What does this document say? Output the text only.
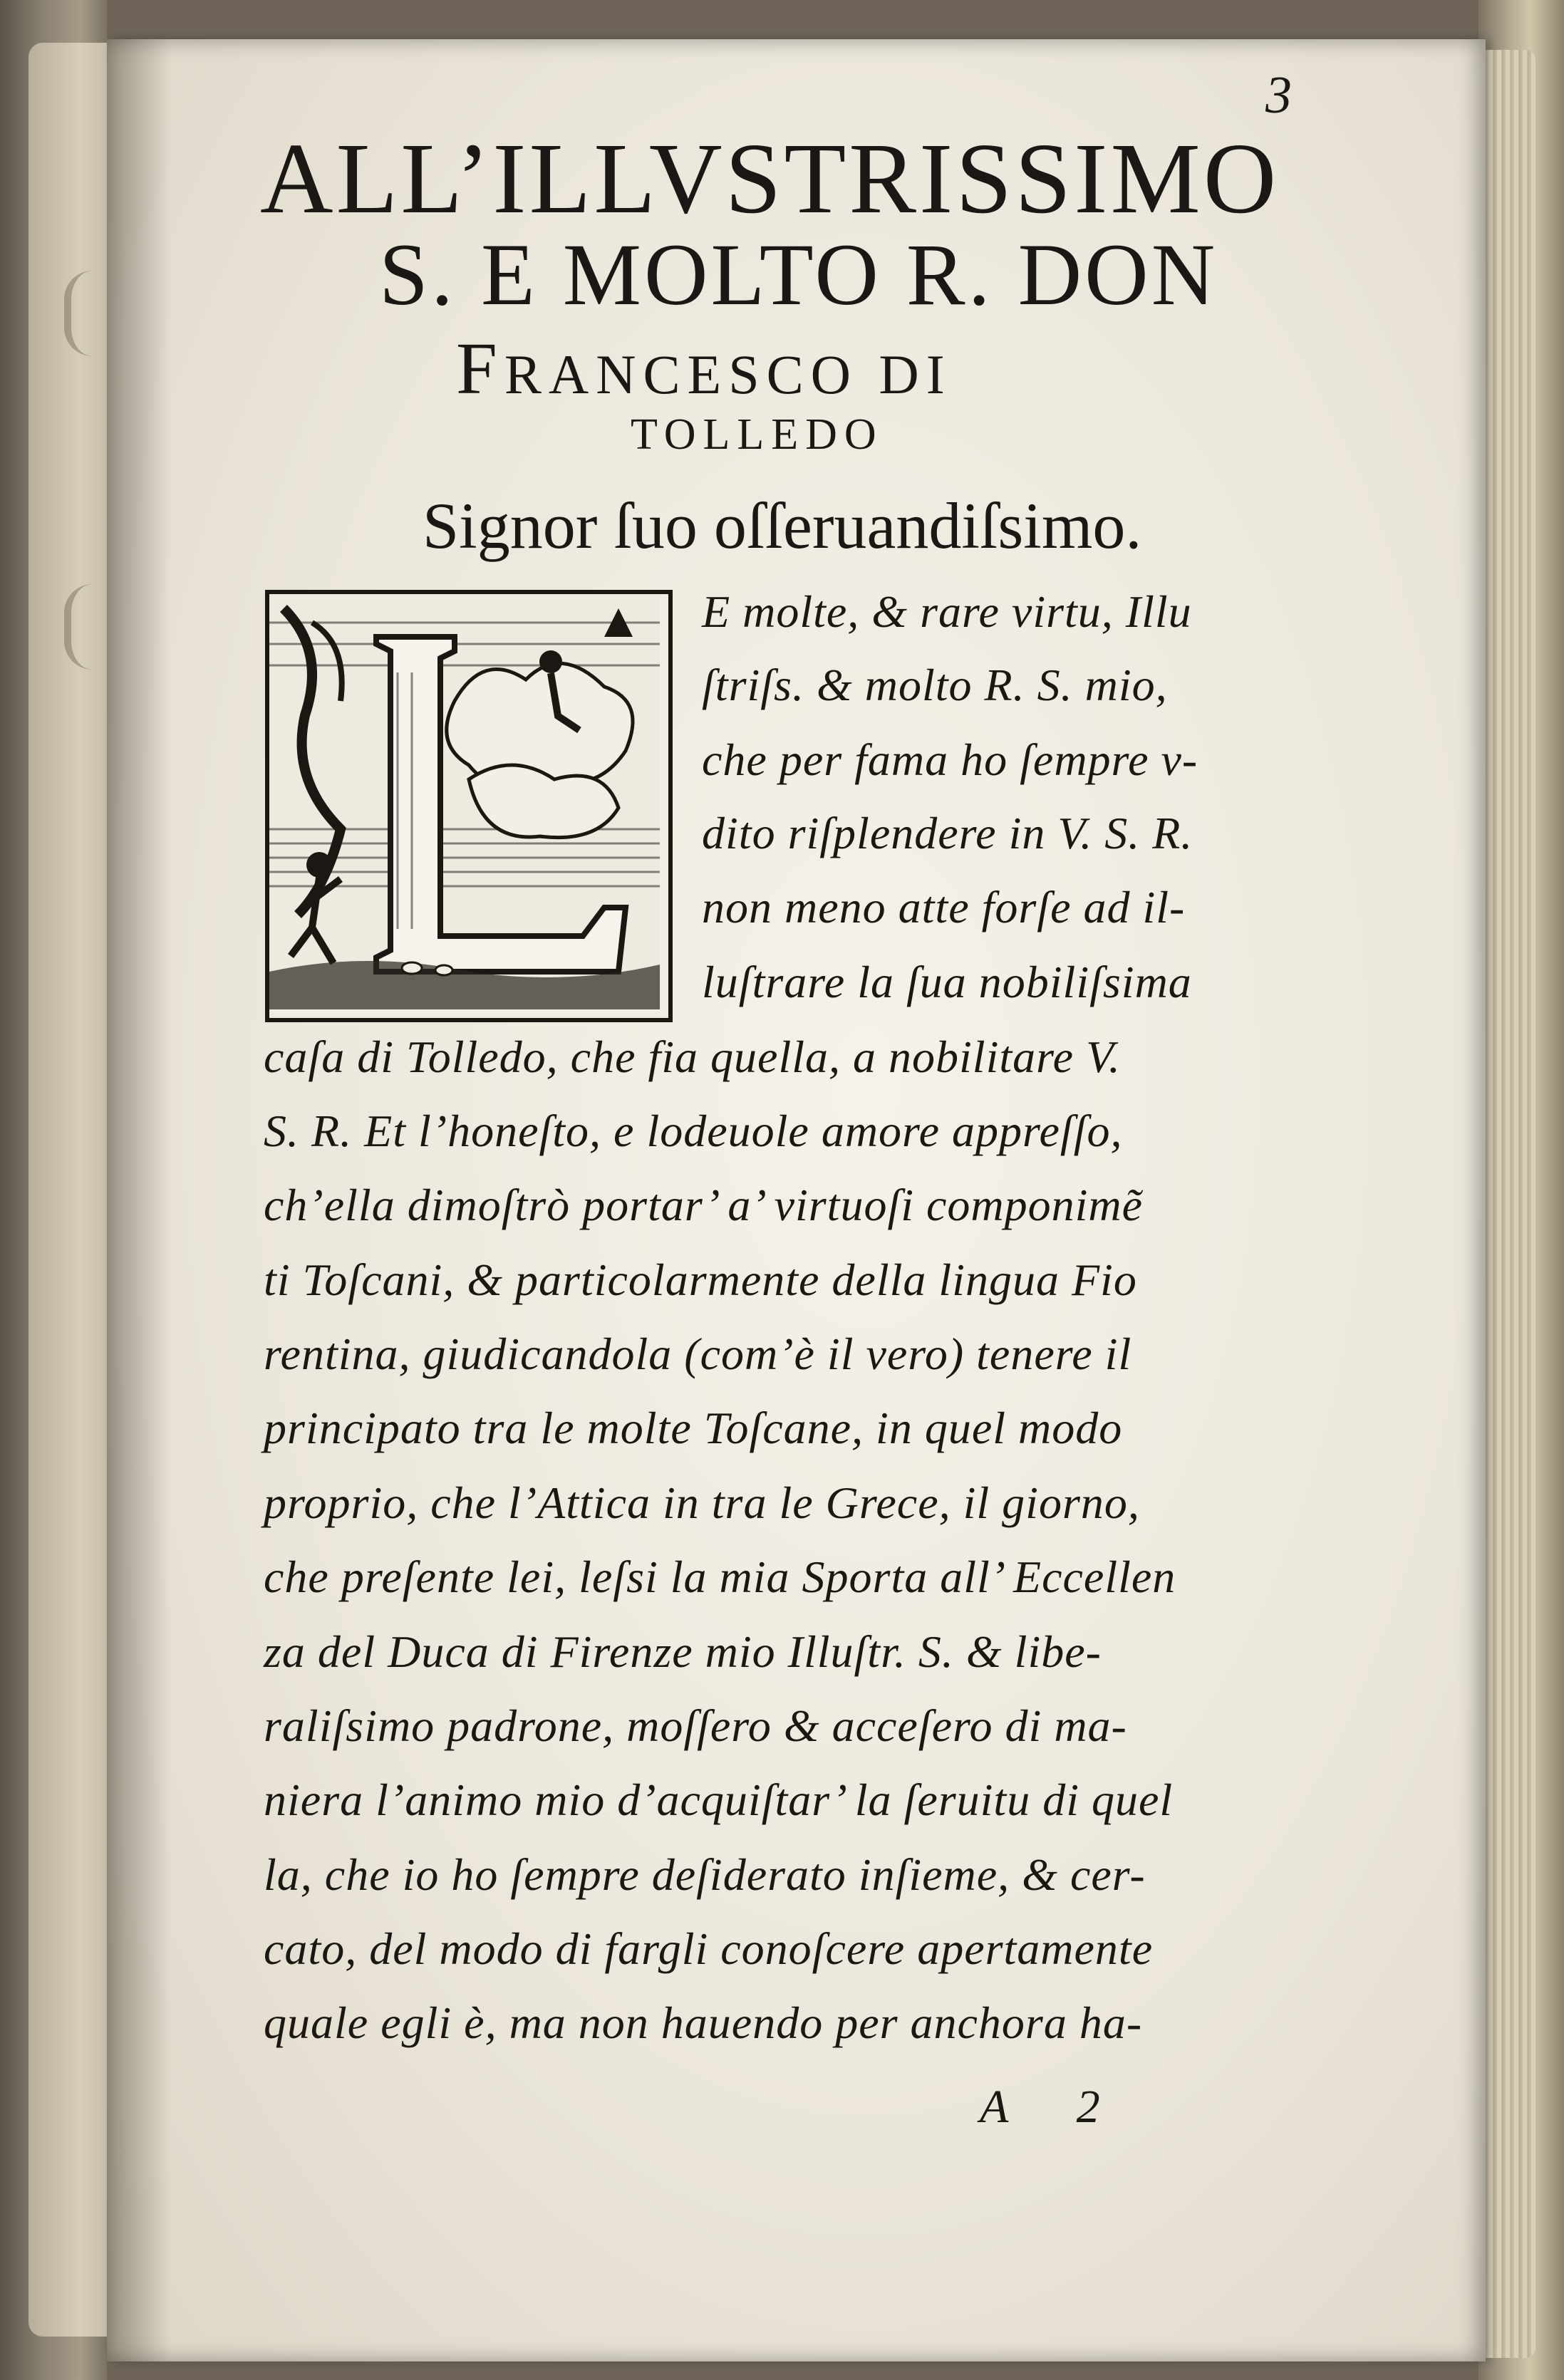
3
ALL’ILLVSTRISSIMO
S. E MOLTO R. DON
FRANCESCO DI
TOLLEDO
Signor ſuo oſſeruandiſsimo.
E molte, & rare virtu, Illu
ſtriſs. & molto R. S. mio,
che per fama ho ſempre v-
dito riſplendere in V. S. R.
non meno atte forſe ad il-
luſtrare la ſua nobiliſsima
caſa di Tolledo, che fia quella, a nobilitare V.
S. R. Et l’honeſto, e lodeuole amore appreſſo,
ch’ella dimoſtrò portar’ a’ virtuoſi componimẽ
ti Toſcani, & particolarmente della lingua Fio
rentina, giudicandola (com’è il vero) tenere il
principato tra le molte Toſcane, in quel modo
proprio, che l’Attica in tra le Grece, il giorno,
che preſente lei, leſsi la mia Sporta all’ Eccellen
za del Duca di Firenze mio Illuſtr. S. & libe-
raliſsimo padrone, moſſero & acceſero di ma-
niera l’animo mio d’acquiſtar’ la ſeruitu di quel
la, che io ho ſempre deſiderato inſieme, & cer-
cato, del modo di fargli conoſcere apertamente
quale egli è, ma non hauendo per anchora ha-
A 2
